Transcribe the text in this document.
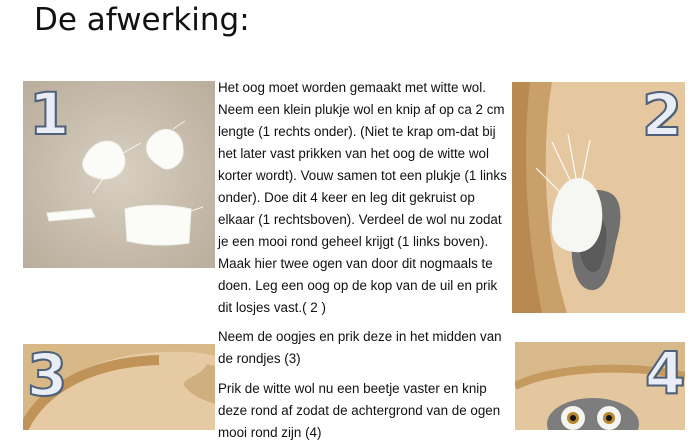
De afwerking:
1	2
3	4

Het oog moet worden gemaakt met witte wol. Neem een klein plukje wol en knip af op ca 2 cm lengte (1 rechts onder). (Niet te krap om-dat bij het later vast prikken van het oog de witte wol korter wordt). Vouw samen tot een plukje (1 links onder). Doe dit 4 keer en leg dit gekruist op elkaar (1 rechtsboven). Verdeel de wol nu zodat je een mooi rond geheel krijgt (1 links boven). Maak hier twee ogen van door dit nogmaals te doen. Leg een oog op de kop van de uil en prik dit losjes vast.( 2 )

Neem de oogjes en prik deze in het midden van de rondjes (3)

Prik de witte wol nu een beetje vaster en knip deze rond af zodat de achtergrond van de ogen mooi rond zijn (4)
